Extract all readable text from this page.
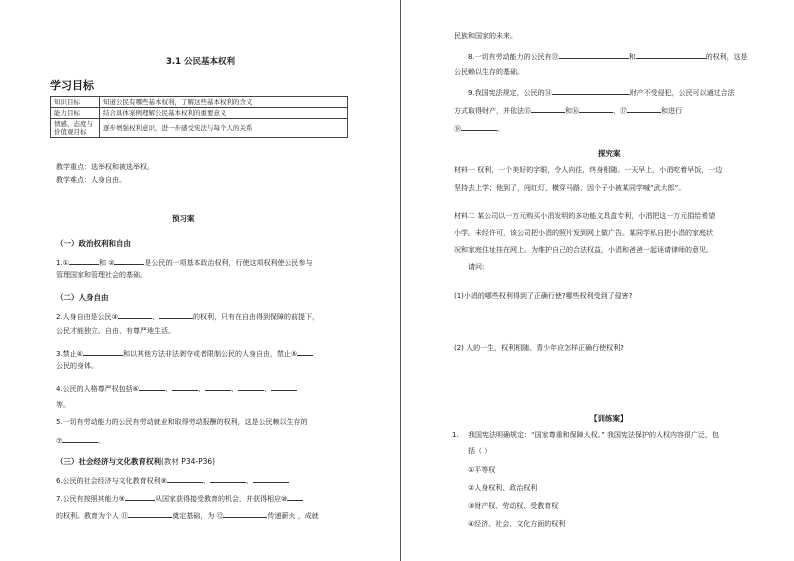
3.1 公民基本权利
学习目标
知识目标	知道公民有哪些基本权利，了解这些基本权利的含义
能力目标	结合具体案例理解公民基本权利的重要意义
情感、态度与价值观目标	逐步增强权利意识，进一步感受宪法与每个人的关系
教学重点：选举权和被选举权。
教学难点：人身自由。
预习案
（一）政治权利和自由
1.①	和 ②	是公民的一项基本政治权利，行使这项权利使公民参与
管理国家和管理社会的基础。
（二）人身自由
2.人身自由是公民③	、	的权利，只有在自由得到保障的前提下，
公民才能独立、自由、有尊严地生活。
3.禁止④	和以其他方法非法剥夺或者限制公民的人身自由，禁止⑤
公民的身体。
4.公民的人格尊严权包括⑥	、	、	、	、
等。
5.一切有劳动能力的公民有劳动就业和取得劳动报酬的权利，这是公民赖以生存的
⑦	。
（三）社会经济与文化教育权利(教材 P34-P36)
6.公民的社会经济与文化教育权利⑧	、	、
7.公民有按照其能力⑨	从国家获得接受教育的机会，并获得相应⑩
的权利。教育为个人 ⑪	奠定基础，为 ⑫	传递薪火 ，成就
民族和国家的未来。
8.一切有劳动能力的公民有⑬	和	的权利，这是
公民赖以生存的基础。
9.我国宪法规定，公民的⑭	财产不受侵犯，公民可以通过合法
方式取得财产，并依法⑮	和⑯	、⑰	和进行
⑱	。
探究案
材料一 权利，一个美好的字眼，令人向往，终身相随。一天早上，小涓吃着早饭，一边
坚持去上学；他到了，闯红灯，横穿马路，因个子小被某同学喊“武大郎”。
材料二 某公司以一万元购买小涓发明的多功能文具盒专利，小涓把这一万元捐给希望
小学。未经许可，该公司把小涓的照片发到网上做广告。某同学私自把小涓的家庭状
况和家庭住址挂在网上。为维护自己的合法权益，小涓和爸爸一起诬请律师的意见。
请问:
(1)小涓的哪些权利得到了正确行使?哪些权利受到了侵害?
(2) 人的一生，权利相随。青少年应怎样正确行使权利?
【训练案】
1. 我国宪法明确规定：“国家尊重和保障人权。” 我国宪法保护的人权内容很广泛，包
括（ ）
①平等权
②人身权利、政治权利
③财产权、劳动权、受教育权
④经济、社会、文化方面的权利
